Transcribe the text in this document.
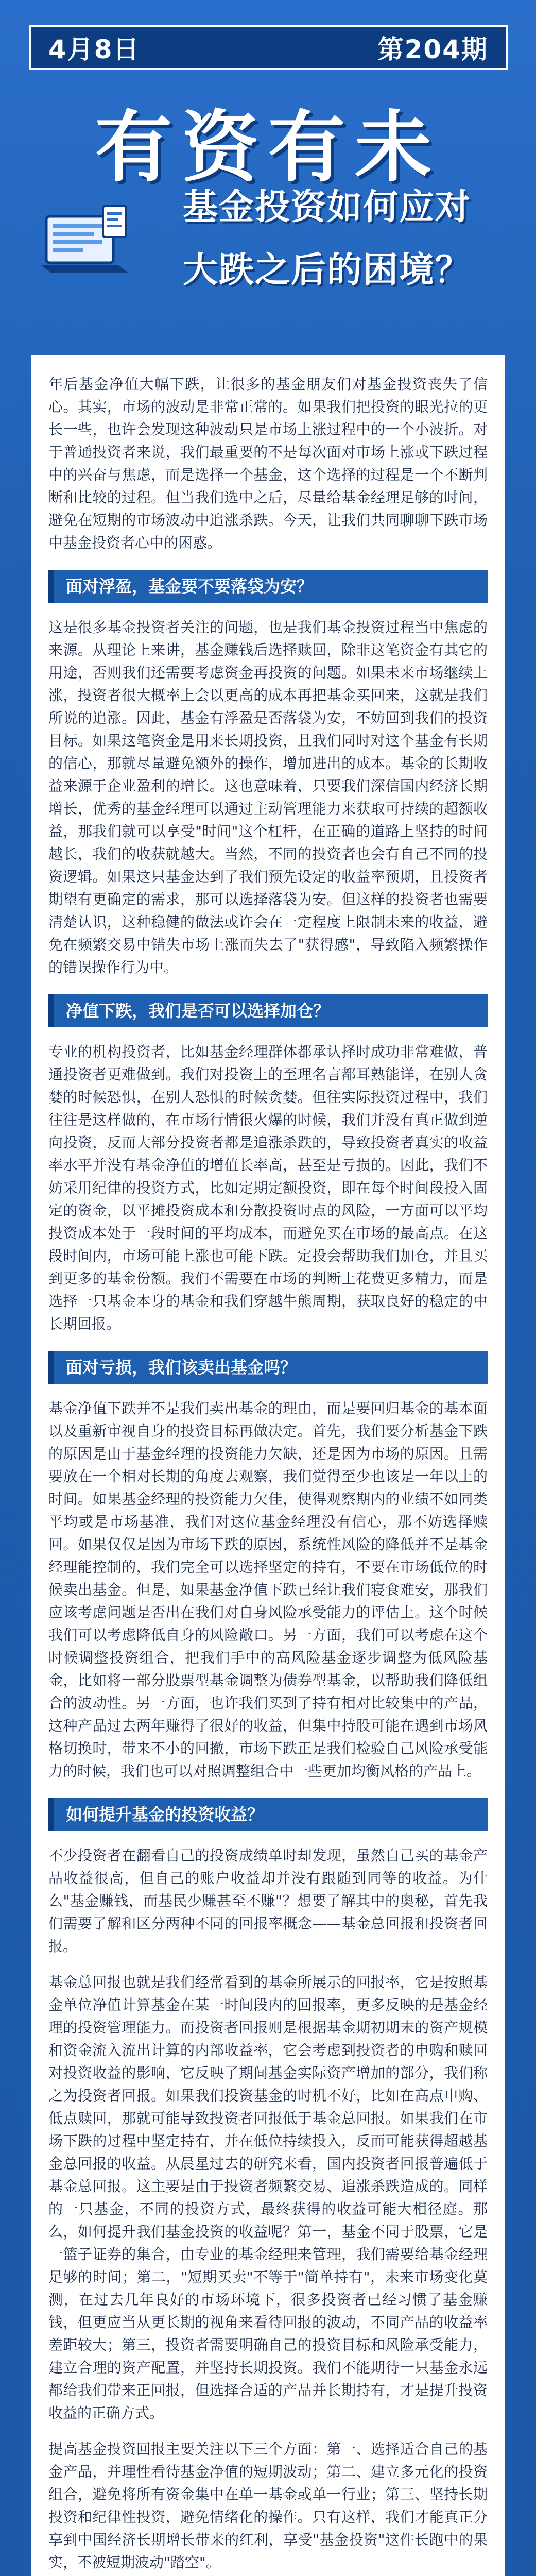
4月8日	第204期
有资有未
基金投资如何应对
大跌之后的困境？

年后基金净值大幅下跌，让很多的基金朋友们对基金投资丧失了信心。其实，市场的波动是非常正常的。如果我们把投资的眼光拉的更长一些，也许会发现这种波动只是市场上涨过程中的一个小波折。对于普通投资者来说，我们最重要的不是每次面对市场上涨或下跌过程中的兴奋与焦虑，而是选择一个基金，这个选择的过程是一个不断判断和比较的过程。但当我们选中之后，尽量给基金经理足够的时间，避免在短期的市场波动中追涨杀跌。今天，让我们共同聊聊下跌市场中基金投资者心中的困惑。

面对浮盈，基金要不要落袋为安？

这是很多基金投资者关注的问题，也是我们基金投资过程当中焦虑的来源。从理论上来讲，基金赚钱后选择赎回，除非这笔资金有其它的用途，否则我们还需要考虑资金再投资的问题。如果未来市场继续上涨，投资者很大概率上会以更高的成本再把基金买回来，这就是我们所说的追涨。因此，基金有浮盈是否落袋为安，不妨回到我们的投资目标。如果这笔资金是用来长期投资，且我们同时对这个基金有长期的信心，那就尽量避免额外的操作，增加进出的成本。基金的长期收益来源于企业盈利的增长。这也意味着，只要我们深信国内经济长期增长，优秀的基金经理可以通过主动管理能力来获取可持续的超额收益，那我们就可以享受"时间"这个杠杆，在正确的道路上坚持的时间越长，我们的收获就越大。当然，不同的投资者也会有自己不同的投资逻辑。如果这只基金达到了我们预先设定的收益率预期，且投资者期望有更确定的需求，那可以选择落袋为安。但这样的投资者也需要清楚认识，这种稳健的做法或许会在一定程度上限制未来的收益，避免在频繁交易中错失市场上涨而失去了"获得感"，导致陷入频繁操作的错误操作行为中。

净值下跌，我们是否可以选择加仓？

专业的机构投资者，比如基金经理群体都承认择时成功非常难做，普通投资者更难做到。我们对投资上的至理名言都耳熟能详，在别人贪婪的时候恐惧，在别人恐惧的时候贪婪。但往实际投资过程中，我们往往是这样做的，在市场行情很火爆的时候，我们并没有真正做到逆向投资，反而大部分投资者都是追涨杀跌的，导致投资者真实的收益率水平并没有基金净值的增值长率高，甚至是亏损的。因此，我们不妨采用纪律的投资方式，比如定期定额投资，即在每个时间段投入固定的资金，以平摊投资成本和分散投资时点的风险，一方面可以平均投资成本处于一段时间的平均成本，而避免买在市场的最高点。在这段时间内，市场可能上涨也可能下跌。定投会帮助我们加仓，并且买到更多的基金份额。我们不需要在市场的判断上花费更多精力，而是选择一只基金本身的基金和我们穿越牛熊周期，获取良好的稳定的中长期回报。

面对亏损，我们该卖出基金吗？

基金净值下跌并不是我们卖出基金的理由，而是要回归基金的基本面以及重新审视自身的投资目标再做决定。首先，我们要分析基金下跌的原因是由于基金经理的投资能力欠缺，还是因为市场的原因。且需要放在一个相对长期的角度去观察，我们觉得至少也该是一年以上的时间。如果基金经理的投资能力欠佳，使得观察期内的业绩不如同类平均或是市场基准，我们对这位基金经理没有信心，那不妨选择赎回。如果仅仅是因为市场下跌的原因，系统性风险的降低并不是基金经理能控制的，我们完全可以选择坚定的持有，不要在市场低位的时候卖出基金。但是，如果基金净值下跌已经让我们寝食难安，那我们应该考虑问题是否出在我们对自身风险承受能力的评估上。这个时候我们可以考虑降低自身的风险敞口。另一方面，我们可以考虑在这个时候调整投资组合，把我们手中的高风险基金逐步调整为低风险基金，比如将一部分股票型基金调整为债券型基金，以帮助我们降低组合的波动性。另一方面，也许我们买到了持有相对比较集中的产品，这种产品过去两年赚得了很好的收益，但集中持股可能在遇到市场风格切换时，带来不小的回撤，市场下跌正是我们检验自己风险承受能力的时候，我们也可以对照调整组合中一些更加均衡风格的产品上。

如何提升基金的投资收益？

不少投资者在翻看自己的投资成绩单时却发现，虽然自己买的基金产品收益很高，但自己的账户收益却并没有跟随到同等的收益。为什么"基金赚钱，而基民少赚甚至不赚"？想要了解其中的奥秘，首先我们需要了解和区分两种不同的回报率概念——基金总回报和投资者回报。

基金总回报也就是我们经常看到的基金所展示的回报率，它是按照基金单位净值计算基金在某一时间段内的回报率，更多反映的是基金经理的投资管理能力。而投资者回报则是根据基金期初期末的资产规模和资金流入流出计算的内部收益率，它会考虑到投资者的申购和赎回对投资收益的影响，它反映了期间基金实际资产增加的部分，我们称之为投资者回报。如果我们投资基金的时机不好，比如在高点申购、低点赎回，那就可能导致投资者回报低于基金总回报。如果我们在市场下跌的过程中坚定持有，并在低位持续投入，反而可能获得超越基金总回报的收益。从晨星过去的研究来看，国内投资者回报普遍低于基金总回报。这主要是由于投资者频繁交易、追涨杀跌造成的。同样的一只基金，不同的投资方式，最终获得的收益可能大相径庭。那么，如何提升我们基金投资的收益呢？第一，基金不同于股票，它是一篮子证券的集合，由专业的基金经理来管理，我们需要给基金经理足够的时间；第二，"短期买卖"不等于"简单持有"，未来市场变化莫测，在过去几年良好的市场环境下，很多投资者已经习惯了基金赚钱，但更应当从更长期的视角来看待回报的波动，不同产品的收益率差距较大；第三，投资者需要明确自己的投资目标和风险承受能力，建立合理的资产配置，并坚持长期投资。我们不能期待一只基金永远都给我们带来正回报，但选择合适的产品并长期持有，才是提升投资收益的正确方式。

提高基金投资回报主要关注以下三个方面：第一、选择适合自己的基金产品，并理性看待基金净值的短期波动；第二、建立多元化的投资组合，避免将所有资金集中在单一基金或单一行业；第三、坚持长期投资和纪律性投资，避免情绪化的操作。只有这样，我们才能真正分享到中国经济长期增长带来的红利，享受"基金投资"这件长跑中的果实，不被短期波动"踏空"。
